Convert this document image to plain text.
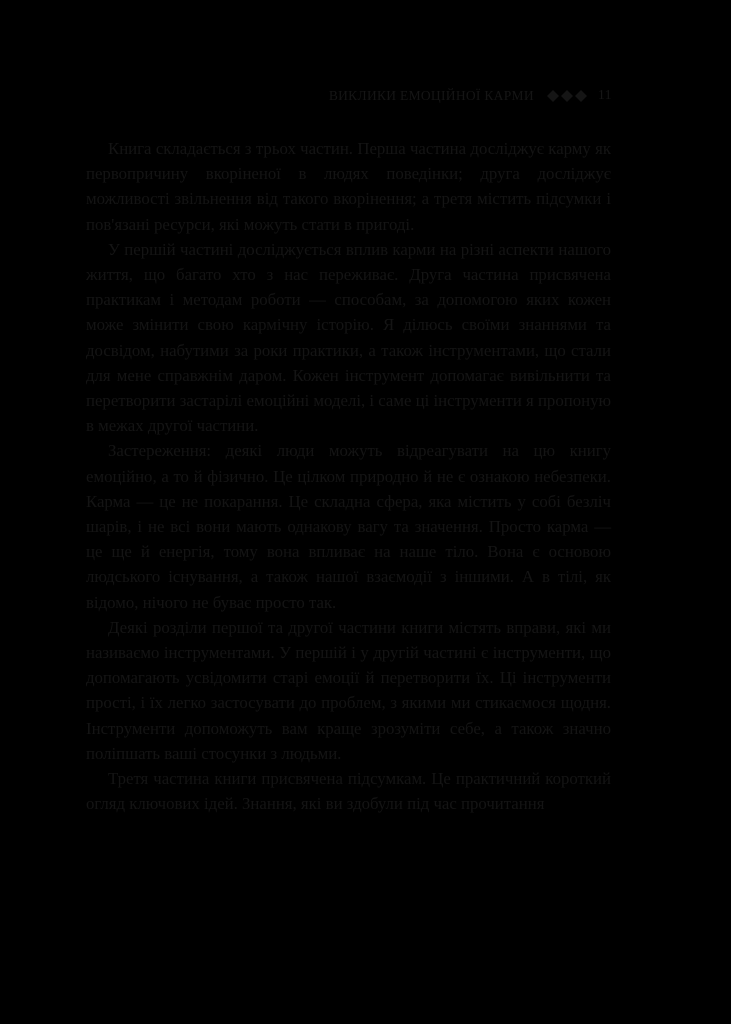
ВИКЛИКИ ЕМОЦІЙНОЇ КАРМИ	11

Книга складається з трьох частин. Перша частина досліджує карму як первопричину вкоріненої в людях поведінки; друга досліджує можливості звільнення від такого вкорінення; а третя містить підсумки і пов'язані ресурси, які можуть стати в пригоді.

У першій частині досліджується вплив карми на різні аспекти нашого життя, що багато хто з нас переживає. Друга частина присвячена практикам і методам роботи — способам, за допомогою яких кожен може змінити свою кармічну історію. Я ділюсь своїми знаннями та досвідом, набутими за роки практики, а також інструментами, що стали для мене справжнім даром. Кожен інструмент допомагає вивільнити та перетворити застарілі емоційні моделі, і саме ці інструменти я пропоную в межах другої частини.

Застереження: деякі люди можуть відреагувати на цю книгу емоційно, а то й фізично. Це цілком природно й не є ознакою небезпеки. Карма — це не покарання. Це складна сфера, яка містить у собі безліч шарів, і не всі вони мають однакову вагу та значення. Просто карма — це ще й енергія, тому вона впливає на наше тіло. Вона є основою людського існування, а також нашої взаємодії з іншими. А в тілі, як відомо, нічого не буває просто так.

Деякі розділи першої та другої частини книги містять вправи, які ми називаємо інструментами. У першій і у другій частині є інструменти, що допомагають усвідомити старі емоції й перетворити їх. Ці інструменти прості, і їх легко застосувати до проблем, з якими ми стикаємося щодня. Інструменти допоможуть вам краще зрозуміти себе, а також значно поліпшать ваші стосунки з людьми.

Третя частина книги присвячена підсумкам. Це практичний короткий огляд ключових ідей. Знання, які ви здобули під час прочитання
